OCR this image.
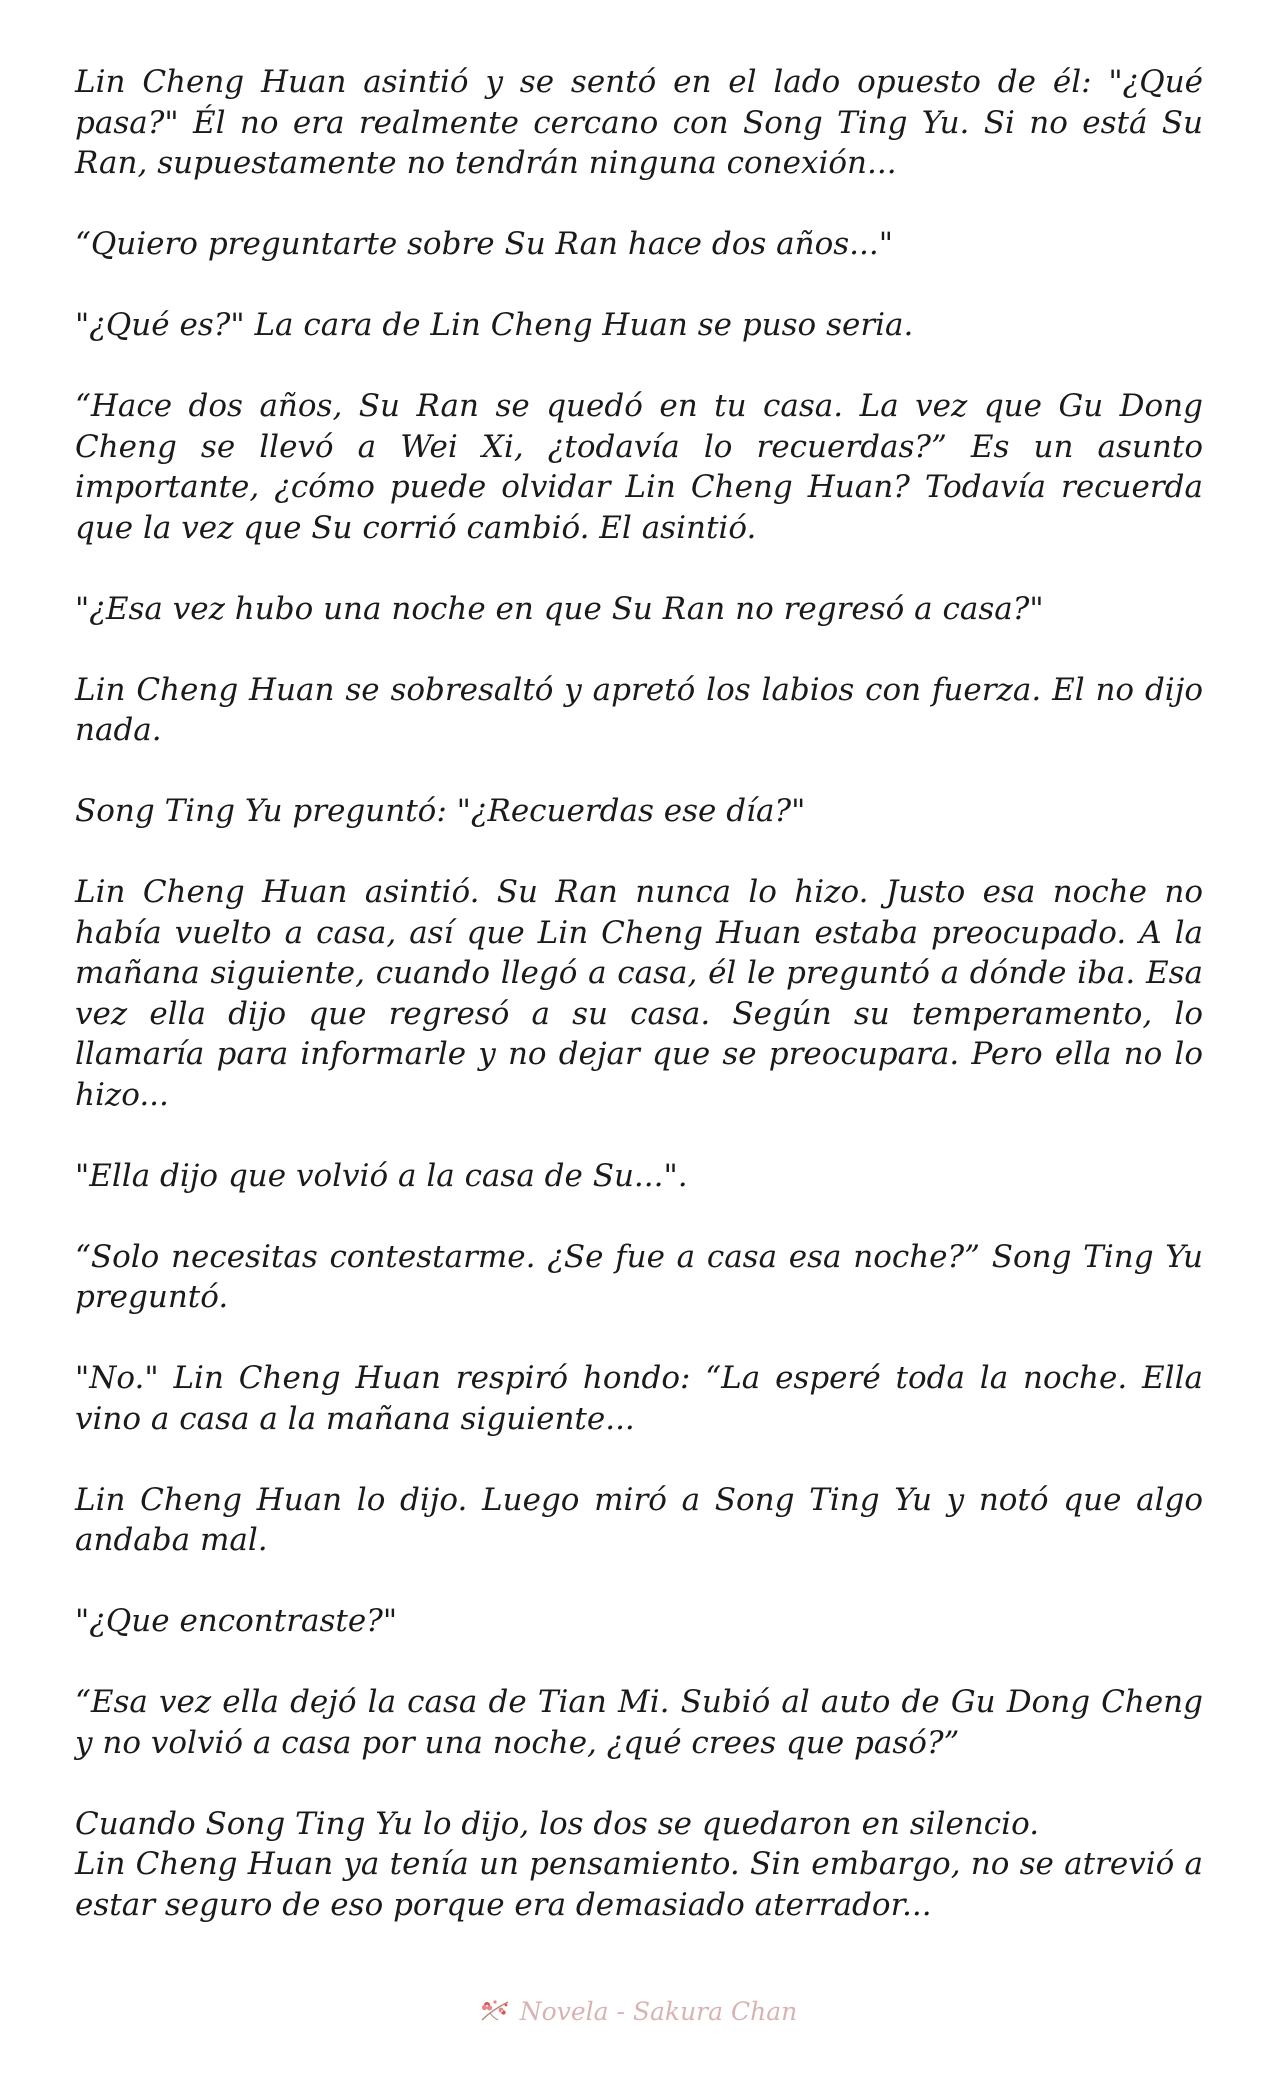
Lin Cheng Huan asintió y se sentó en el lado opuesto de él: "¿Qué pasa?" Él no era realmente cercano con Song Ting Yu. Si no está Su Ran, supuestamente no tendrán ninguna conexión...

“Quiero preguntarte sobre Su Ran hace dos años..."

"¿Qué es?" La cara de Lin Cheng Huan se puso seria.

“Hace dos años, Su Ran se quedó en tu casa. La vez que Gu Dong Cheng se llevó a Wei Xi, ¿todavía lo recuerdas?” Es un asunto importante, ¿cómo puede olvidar Lin Cheng Huan? Todavía recuerda que la vez que Su corrió cambió. El asintió.

"¿Esa vez hubo una noche en que Su Ran no regresó a casa?"

Lin Cheng Huan se sobresaltó y apretó los labios con fuerza. El no dijo nada.

Song Ting Yu preguntó: "¿Recuerdas ese día?"

Lin Cheng Huan asintió. Su Ran nunca lo hizo. Justo esa noche no había vuelto a casa, así que Lin Cheng Huan estaba preocupado. A la mañana siguiente, cuando llegó a casa, él le preguntó a dónde iba. Esa vez ella dijo que regresó a su casa. Según su temperamento, lo llamaría para informarle y no dejar que se preocupara. Pero ella no lo hizo...

"Ella dijo que volvió a la casa de Su...".

“Solo necesitas contestarme. ¿Se fue a casa esa noche?” Song Ting Yu preguntó.

"No." Lin Cheng Huan respiró hondo: “La esperé toda la noche. Ella vino a casa a la mañana siguiente...

Lin Cheng Huan lo dijo. Luego miró a Song Ting Yu y notó que algo andaba mal.

"¿Que encontraste?"

“Esa vez ella dejó la casa de Tian Mi. Subió al auto de Gu Dong Cheng y no volvió a casa por una noche, ¿qué crees que pasó?”

Cuando Song Ting Yu lo dijo, los dos se quedaron en silencio.
Lin Cheng Huan ya tenía un pensamiento. Sin embargo, no se atrevió a estar seguro de eso porque era demasiado aterrador...

Novela - Sakura Chan
